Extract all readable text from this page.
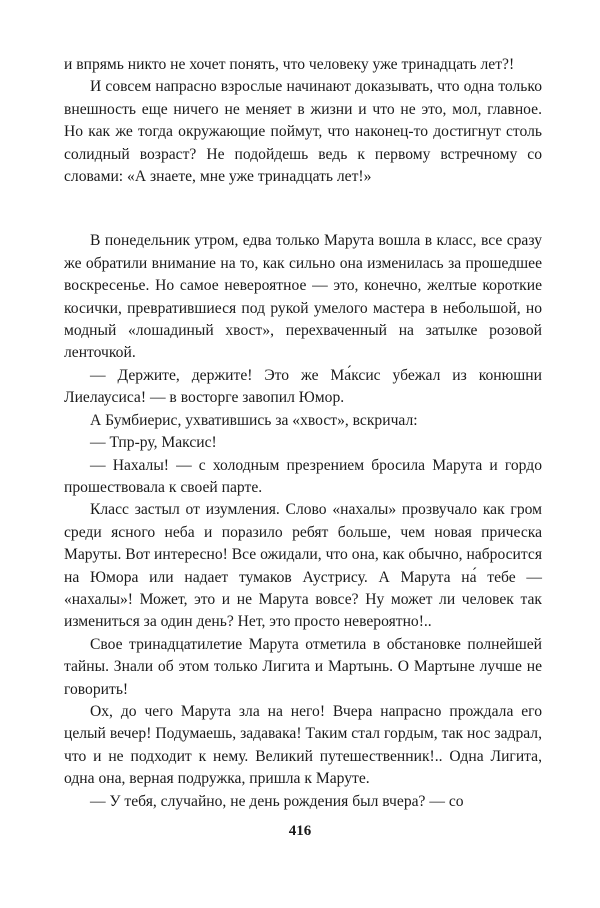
и впрямь никто не хочет понять, что человеку уже тринадцать лет?!

И совсем напрасно взрослые начинают доказывать, что одна только внешность еще ничего не меняет в жизни и что не это, мол, главное. Но как же тогда окружающие поймут, что наконец-то достигнут столь солидный возраст? Не подойдешь ведь к первому встречному со словами: «А знаете, мне уже тринадцать лет!»

В понедельник утром, едва только Марута вошла в класс, все сразу же обратили внимание на то, как сильно она изменилась за прошедшее воскресенье. Но самое невероятное — это, конечно, желтые короткие косички, превратившиеся под рукой умелого мастера в небольшой, но модный «лошадиный хвост», перехваченный на затылке розовой ленточкой.

— Держите, держите! Это же Ма́ксис убежал из конюшни Лиелаусиса! — в восторге завопил Юмор.

А Бумбиерис, ухватившись за «хвост», вскричал:

— Тпр-ру, Максис!

— Нахалы! — с холодным презрением бросила Марута и гордо прошествовала к своей парте.

Класс застыл от изумления. Слово «нахалы» прозвучало как гром среди ясного неба и поразило ребят больше, чем новая прическа Маруты. Вот интересно! Все ожидали, что она, как обычно, набросится на Юмора или надает тумаков Аустрису. А Марута на́ тебе — «нахалы»! Может, это и не Марута вовсе? Ну может ли человек так измениться за один день? Нет, это просто невероятно!..

Свое тринадцатилетие Марута отметила в обстановке полнейшей тайны. Знали об этом только Лигита и Мартынь. О Мартыне лучше не говорить!

Ох, до чего Марута зла на него! Вчера напрасно прождала его целый вечер! Подумаешь, задавака! Таким стал гордым, так нос задрал, что и не подходит к нему. Великий путешественник!.. Одна Лигита, одна она, верная подружка, пришла к Маруте.

— У тебя, случайно, не день рождения был вчера? — со

416
